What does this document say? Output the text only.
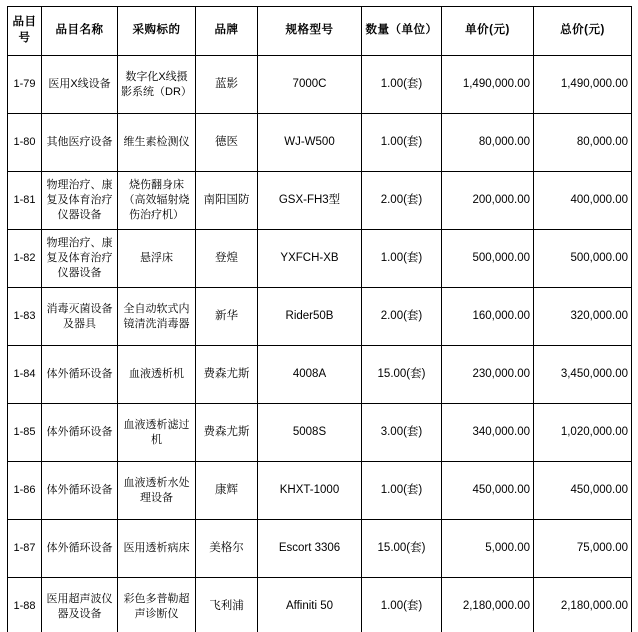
品目号	品目名称	采购标的	品牌	规格型号	数量（单位）	单价(元)	总价(元)
1-79	医用X线设备	数字化X线摄影系统（DR）	蓝影	7000C	1.00(套)	1,490,000.00	1,490,000.00
1-80	其他医疗设备	维生素检测仪	德医	WJ-W500	1.00(套)	80,000.00	80,000.00
1-81	物理治疗、康复及体育治疗仪器设备	烧伤翻身床（高效辐射烧伤治疗机）	南阳国防	GSX-FH3型	2.00(套)	200,000.00	400,000.00
1-82	物理治疗、康复及体育治疗仪器设备	悬浮床	登煌	YXFCH-XB	1.00(套)	500,000.00	500,000.00
1-83	消毒灭菌设备及器具	全自动软式内镜清洗消毒器	新华	Rider50B	2.00(套)	160,000.00	320,000.00
1-84	体外循环设备	血液透析机	费森尤斯	4008A	15.00(套)	230,000.00	3,450,000.00
1-85	体外循环设备	血液透析滤过机	费森尤斯	5008S	3.00(套)	340,000.00	1,020,000.00
1-86	体外循环设备	血液透析水处理设备	康辉	KHXT-1000	1.00(套)	450,000.00	450,000.00
1-87	体外循环设备	医用透析病床	美格尔	Escort 3306	15.00(套)	5,000.00	75,000.00
1-88	医用超声波仪器及设备	彩色多普勒超声诊断仪	飞利浦	Affiniti 50	1.00(套)	2,180,000.00	2,180,000.00
